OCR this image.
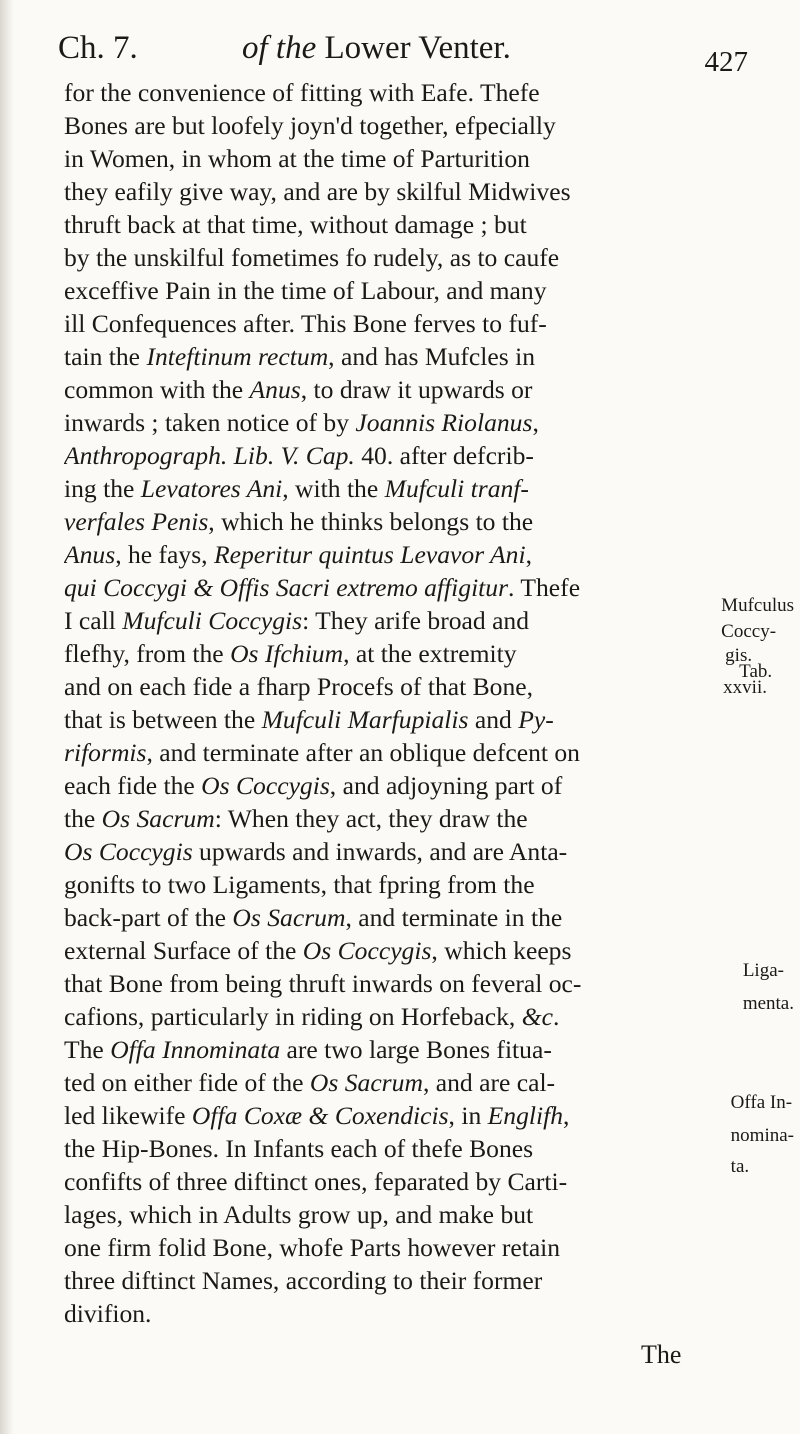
Ch. 7.	of the Lower Venter.	427
for the convenience of fitting with Eafe. Thefe
Bones are but loofely joyn'd together, efpecially
in Women, in whom at the time of Parturition
they eafily give way, and are by skilful Midwives
thruft back at that time, without damage ; but
by the unskilful fometimes fo rudely, as to caufe
exceffive Pain in the time of Labour, and many
ill Confequences after. This Bone ferves to fuf-
tain the Inteftinum rectum, and has Mufcles in
common with the Anus, to draw it upwards or
inwards ; taken notice of by Joannis Riolanus,
Anthropograph. Lib. V. Cap. 40. after defcrib-
ing the Levatores Ani, with the Mufculi tranf-
verfales Penis, which he thinks belongs to the
Anus, he fays, Reperitur quintus Levavor Ani,
qui Coccygi & Offis Sacri extremo affigitur. Thefe
I call Mufculi Coccygis: They arife broad and
flefhy, from the Os Ifchium, at the extremity
and on each fide a fharp Procefs of that Bone,
that is between the Mufculi Marfupialis and Py-
riformis, and terminate after an oblique defcent on
each fide the Os Coccygis, and adjoyning part of
the Os Sacrum: When they act, they draw the
Os Coccygis upwards and inwards, and are Anta-
gonifts to two Ligaments, that fpring from the
back-part of the Os Sacrum, and terminate in the
external Surface of the Os Coccygis, which keeps
that Bone from being thruft inwards on feveral oc-
cafions, particularly in riding on Horfeback, &c.
The Offa Innominata are two large Bones fitua-
ted on either fide of the Os Sacrum, and are cal-
led likewife Offa Coxæ & Coxendicis, in Englifh,
the Hip-Bones. In Infants each of thefe Bones
confifts of three diftinct ones, feparated by Carti-
lages, which in Adults grow up, and make but
one firm folid Bone, whofe Parts however retain
three diftinct Names, according to their former
divifion.
Mufculus
Coccy-
gis.
Tab.
xxvii.
Liga-
menta.
Offa In-
nomina-
ta.
The
